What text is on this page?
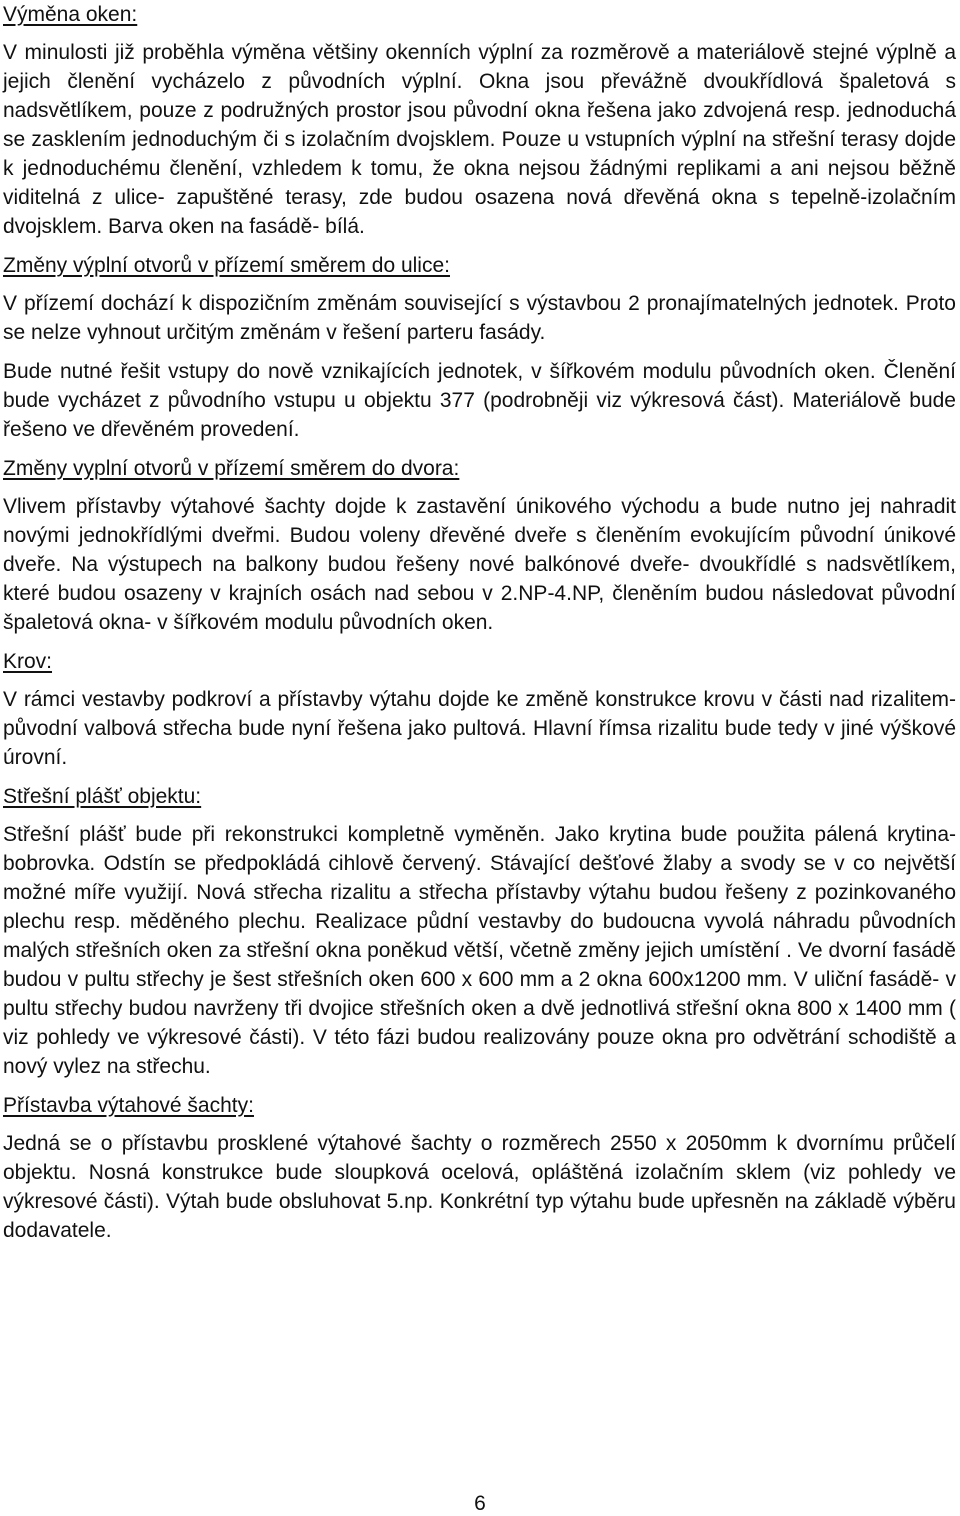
Výměna oken:

V minulosti již proběhla výměna většiny okenních výplní za rozměrově a materiálově stejné výplně a jejich členění vycházelo z původních výplní. Okna jsou převážně dvoukřídlová špaletová s nadsvětlíkem, pouze z podružných prostor jsou původní okna řešena jako zdvojená resp. jednoduchá se zasklením jednoduchým či s izolačním dvojsklem. Pouze u vstupních výplní na střešní terasy dojde k jednoduchému členění, vzhledem k tomu, že okna nejsou žádnými replikami a ani nejsou běžně viditelná z ulice- zapuštěné terasy, zde budou osazena nová dřevěná okna s tepelně-izolačním dvojsklem. Barva oken na fasádě- bílá.

Změny výplní otvorů v přízemí směrem do ulice:

V přízemí dochází k dispozičním změnám související s výstavbou 2 pronajímatelných jednotek. Proto se nelze vyhnout určitým změnám v řešení parteru fasády.

Bude nutné řešit vstupy do nově vznikajících jednotek, v šířkovém modulu původních oken. Členění bude vycházet z původního vstupu u objektu 377 (podrobněji viz výkresová část). Materiálově bude řešeno ve dřevěném provedení.

Změny vyplní otvorů v přízemí směrem do dvora:

Vlivem přístavby výtahové šachty dojde k zastavění únikového východu a bude nutno jej nahradit novými jednokřídlými dveřmi. Budou voleny dřevěné dveře s členěním evokujícím původní únikové dveře. Na výstupech na balkony budou řešeny nové balkónové dveře- dvoukřídlé s nadsvětlíkem, které budou osazeny v krajních osách nad sebou v 2.NP-4.NP, členěním budou následovat původní špaletová okna- v šířkovém modulu původních oken.

Krov:

V rámci vestavby podkroví a přístavby výtahu dojde ke změně konstrukce krovu v části nad rizalitem- původní valbová střecha bude nyní řešena jako pultová. Hlavní římsa rizalitu bude tedy v jiné výškové úrovní.

Střešní plášť objektu:

Střešní plášť bude při rekonstrukci kompletně vyměněn. Jako krytina bude použita pálená krytina-bobrovka. Odstín se předpokládá cihlově červený. Stávající dešťové žlaby a svody se v co největší možné míře využijí. Nová střecha rizalitu a střecha přístavby výtahu budou řešeny z pozinkovaného plechu resp. měděného plechu. Realizace půdní vestavby do budoucna vyvolá náhradu původních malých střešních oken za střešní okna poněkud větší, včetně změny jejich umístění . Ve dvorní fasádě budou v pultu střechy je šest střešních oken 600 x 600 mm a 2 okna 600x1200 mm. V uliční fasádě- v pultu střechy budou navrženy tři dvojice střešních oken a dvě jednotlivá střešní okna 800 x 1400 mm ( viz pohledy ve výkresové části). V této fázi budou realizovány pouze okna pro odvětrání schodiště a nový vylez na střechu.

Přístavba výtahové šachty:

Jedná se o přístavbu prosklené výtahové šachty o rozměrech 2550 x 2050mm k dvornímu průčelí objektu. Nosná konstrukce bude sloupková ocelová, opláštěná izolačním sklem (viz pohledy ve výkresové části). Výtah bude obsluhovat 5.np. Konkrétní typ výtahu bude upřesněn na základě výběru dodavatele.

6
